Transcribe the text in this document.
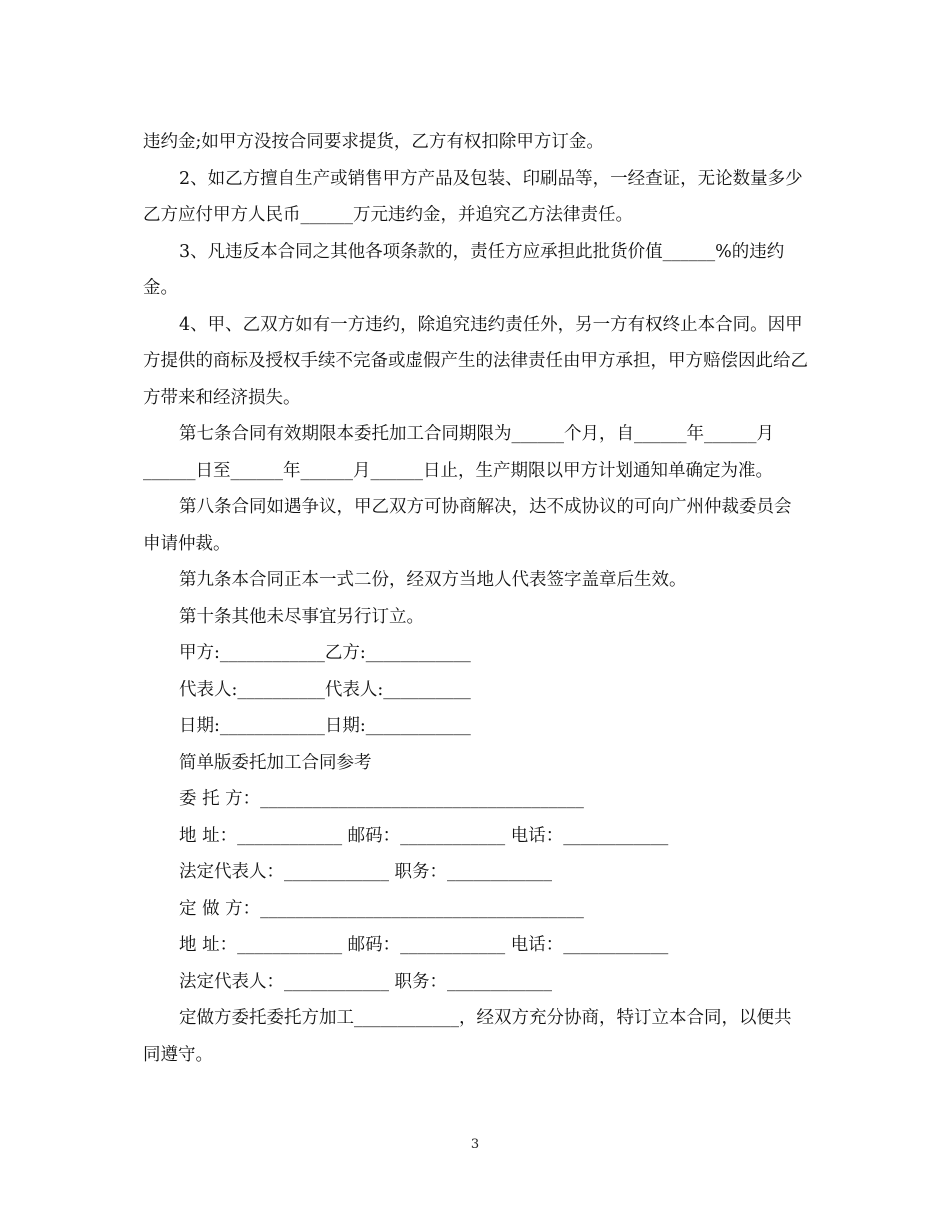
违约金;如甲方没按合同要求提货，乙方有权扣除甲方订金。

2、如乙方擅自生产或销售甲方产品及包装、印刷品等，一经查证，无论数量多少乙方应付甲方人民币______万元违约金，并追究乙方法律责任。

3、凡违反本合同之其他各项条款的，责任方应承担此批货价值______%的违约金。

4、甲、乙双方如有一方违约，除追究违约责任外，另一方有权终止本合同。因甲方提供的商标及授权手续不完备或虚假产生的法律责任由甲方承担，甲方赔偿因此给乙方带来和经济损失。

第七条合同有效期限本委托加工合同期限为______个月，自______年______月______日至______年______月______日止，生产期限以甲方计划通知单确定为准。

第八条合同如遇争议，甲乙双方可协商解决，达不成协议的可向广州仲裁委员会申请仲裁。

第九条本合同正本一式二份，经双方当地人代表签字盖章后生效。

第十条其他未尽事宜另行订立。

甲方:____________乙方:____________

代表人:__________代表人:__________

日期:____________日期:____________

简单版委托加工合同参考

委 托 方：_____________________________________

地 址：____________ 邮码：____________ 电话：____________

法定代表人：____________ 职务：____________

定 做 方：_____________________________________

地 址：____________ 邮码：____________ 电话：____________

法定代表人：____________ 职务：____________

定做方委托委托方加工____________，经双方充分协商，特订立本合同，以便共同遵守。

3
